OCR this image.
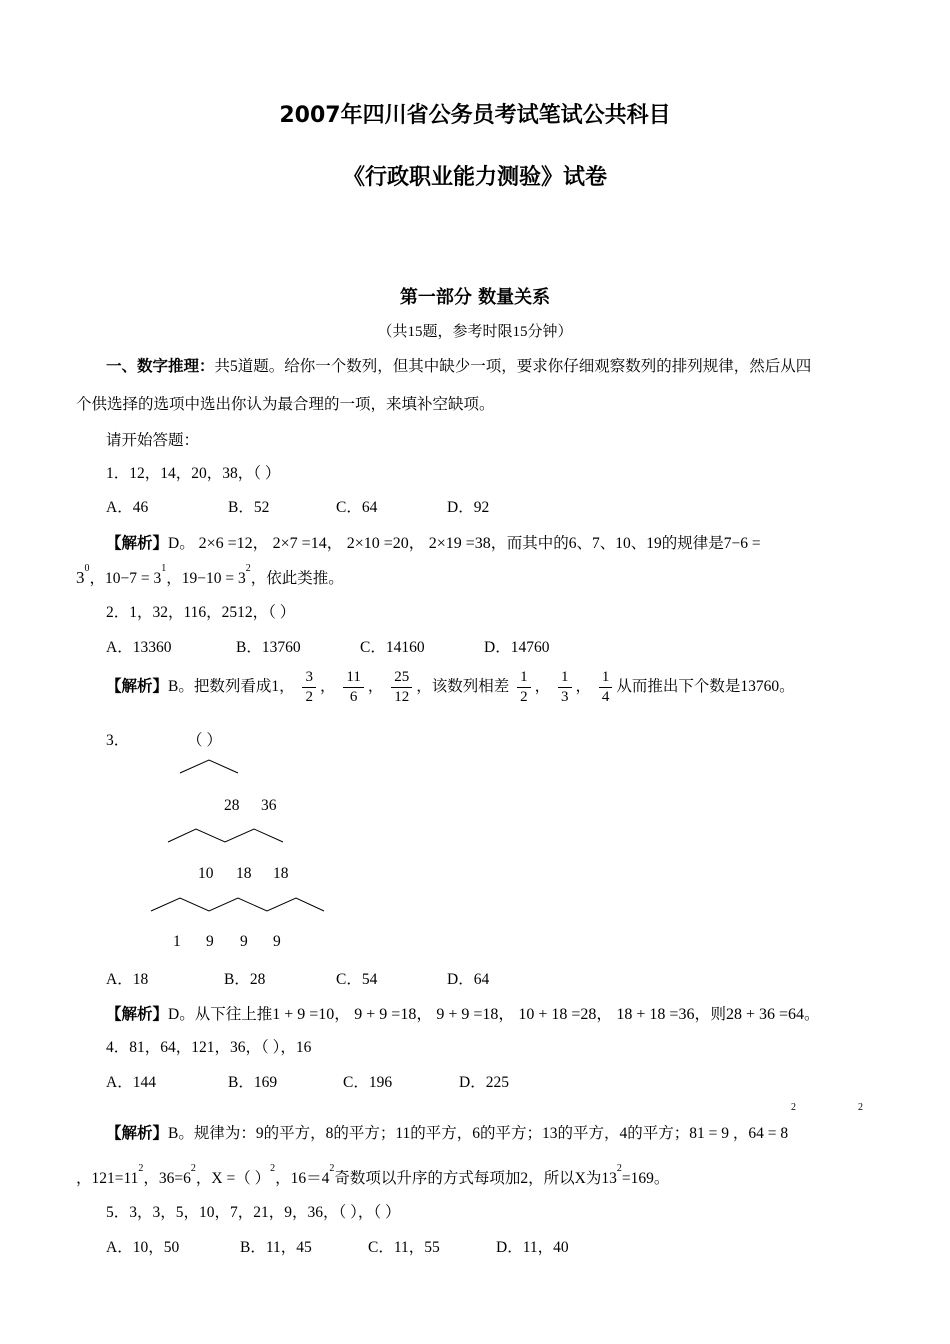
2007年四川省公务员考试笔试公共科目
《行政职业能力测验》试卷
第一部分 数量关系
（共15题，参考时限15分钟）
一、数字推理：共5道题。给你一个数列，但其中缺少一项，要求你仔细观察数列的排列规律，然后从四
个供选择的选项中选出你认为最合理的一项，来填补空缺项。
请开始答题：
1．12，14，20，38，（ ）
A．46	B．52	C．64	D．92
【解析】D。 2×6 =12， 2×7 =14， 2×10 =20， 2×19 =38，而其中的6、7、10、19的规律是7−6 =
$3^0$，$10-7 = 3^1$，$19-10 = 3^2$，依此类推。
2．1，32，116，2512，（ ）
A．13360	B．13760	C．14160	D．14760
【解析】B。把数列看成1， $\frac{3}{2}$ ， $\frac{11}{6}$ ， $\frac{25}{12}$ ，该数列相差 $\frac{1}{2}$ ， $\frac{1}{3}$ ， $\frac{1}{4}$ 从而推出下个数是13760。
3．	（ ）
28 36
10 18 18
1 9 9 9
A．18	B．28	C．54	D．64
【解析】D。从下往上推1 + 9 =10， 9 + 9 =18， 9 + 9 =18， 10 + 18 =28， 18 + 18 =36，则28 + 36 =64。
4．81，64，121，36，（ ），16
A．144	B．169	C．196	D．225
2	2
【解析】B。规律为：9的平方，8的平方；11的平方，6的平方；13的平方，4的平方；81 = 9 ，64 = 8
，$121=11^2$，$36=6^2$，X =（ ）$^2$，$16=4^2$奇数项以升序的方式每项加2，所以X为$13^2=169$。
5．3，3，5，10，7，21，9，36，（ ），（ ）
A．10，50	B．11，45	C．11，55	D．11，40
